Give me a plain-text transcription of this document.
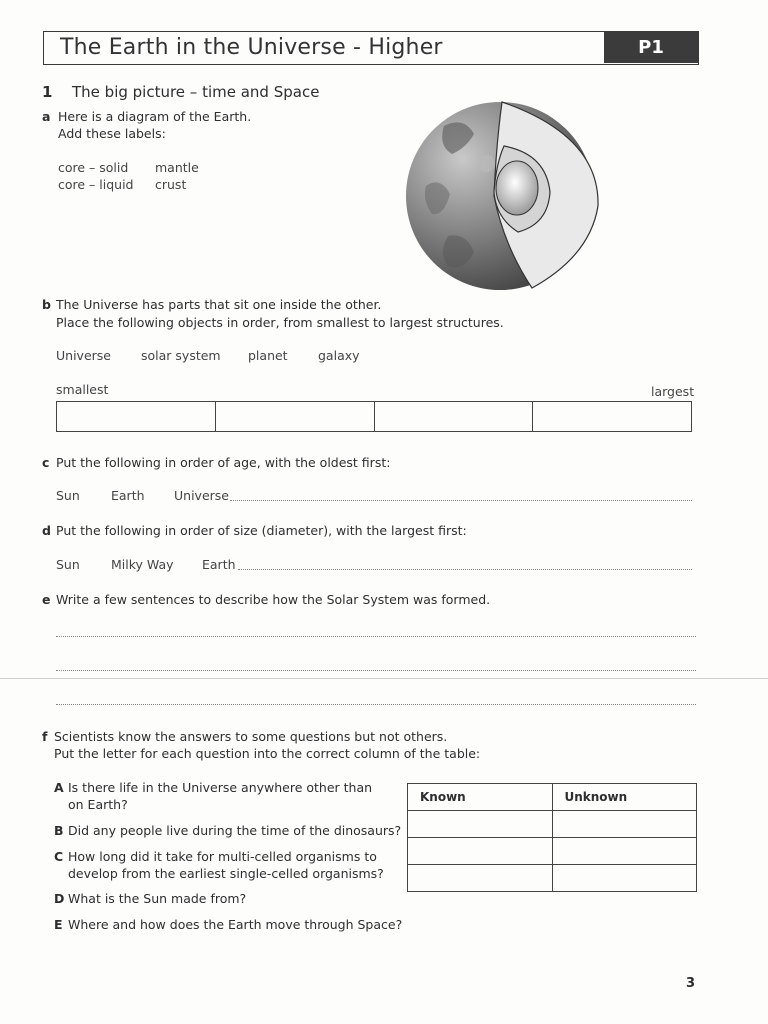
The Earth in the Universe - Higher	P1
1 The big picture – time and Space
a Here is a diagram of the Earth.
Add these labels:
core – solid mantle
core – liquid crust
b The Universe has parts that sit one inside the other.
Place the following objects in order, from smallest to largest structures.
Universe solar system planet galaxy
smallest	largest

c Put the following in order of age, with the oldest first:
Sun Earth Universe
d Put the following in order of size (diameter), with the largest first:
Sun Milky Way Earth
e Write a few sentences to describe how the Solar System was formed.
f Scientists know the answers to some questions but not others.
Put the letter for each question into the correct column of the table:
A Is there life in the Universe anywhere other than
on Earth?
B Did any people live during the time of the dinosaurs?
C How long did it take for multi-celled organisms to
develop from the earliest single-celled organisms?
D What is the Sun made from?
E Where and how does the Earth move through Space?
Known	Unknown

3
